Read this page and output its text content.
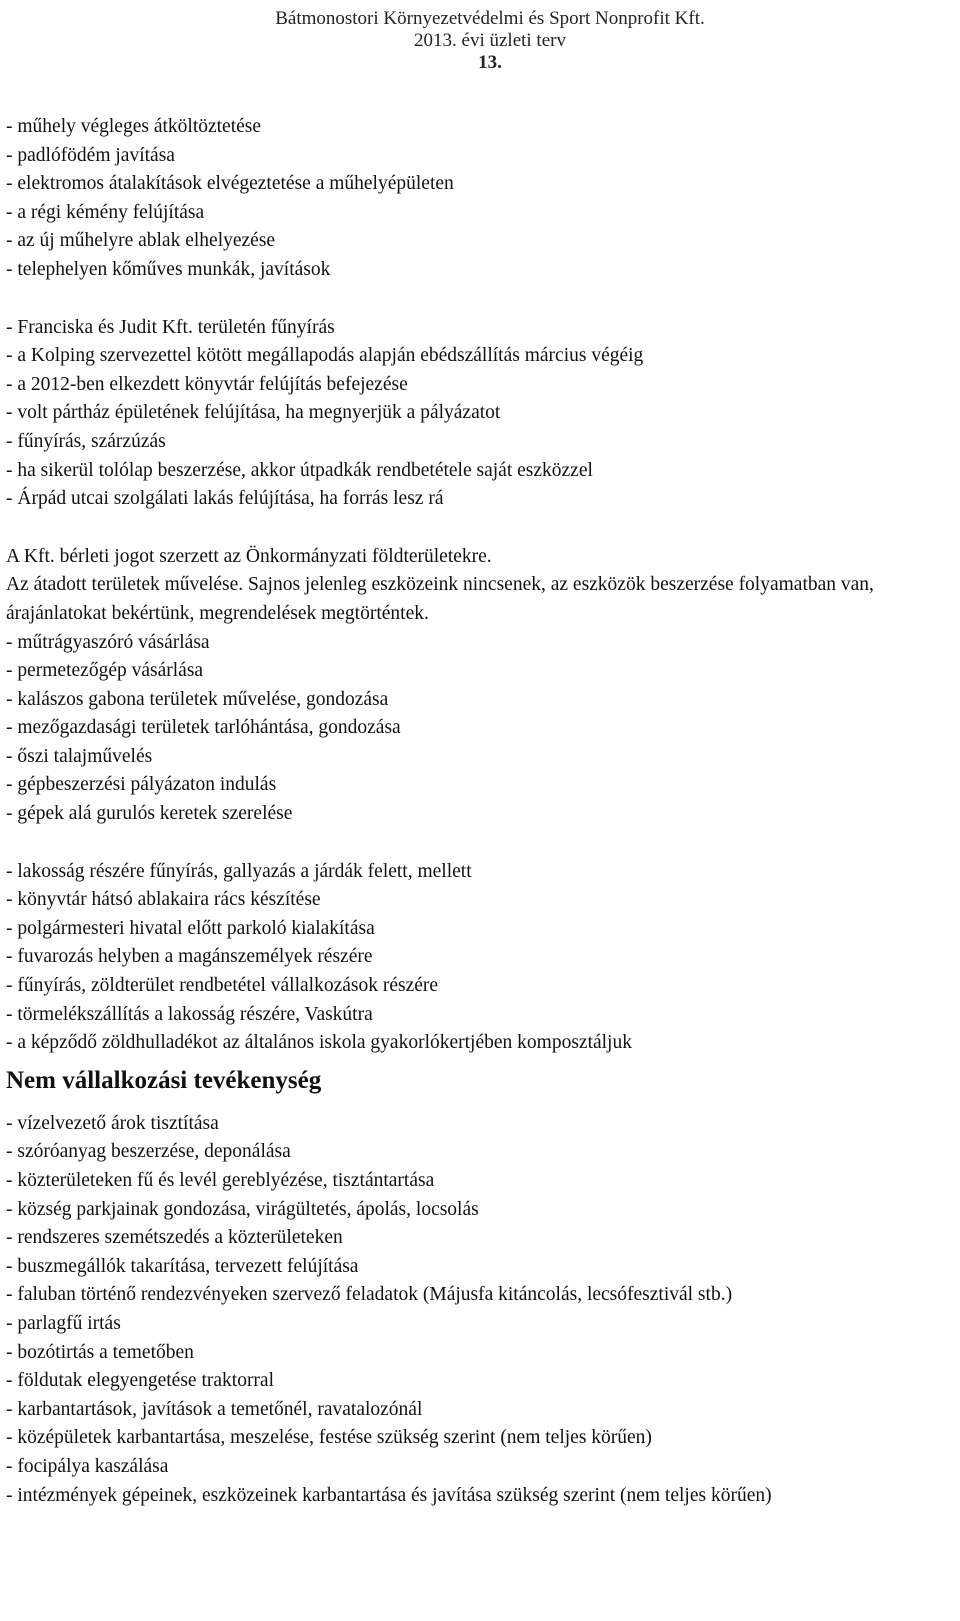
Bátmonostori Környezetvédelmi és Sport Nonprofit Kft.
2013. évi üzleti terv
13.
- műhely végleges átköltöztetése
- padlófödém javítása
- elektromos átalakítások elvégeztetése a műhelyépületen
- a régi kémény felújítása
- az új műhelyre ablak elhelyezése
- telephelyen kőműves munkák, javítások
- Franciska és Judit Kft. területén fűnyírás
- a Kolping szervezettel kötött megállapodás alapján ebédszállítás március végéig
- a 2012-ben elkezdett könyvtár felújítás befejezése
- volt pártház épületének felújítása, ha megnyerjük a pályázatot
- fűnyírás, szárzúzás
- ha sikerül tolólap beszerzése, akkor útpadkák rendbetétele saját eszközzel
- Árpád utcai szolgálati lakás felújítása, ha forrás lesz rá
A Kft. bérleti jogot szerzett az Önkormányzati földterületekre.
Az átadott területek művelése. Sajnos jelenleg eszközeink nincsenek, az eszközök beszerzése folyamatban van, árajánlatokat bekértünk, megrendelések megtörténtek.
- műtrágyaszóró vásárlása
- permetezőgép vásárlása
- kalászos gabona területek művelése, gondozása
- mezőgazdasági területek tarlóhántása, gondozása
- őszi talajművelés
- gépbeszerzési pályázaton indulás
- gépek alá gurulós keretek szerelése
- lakosság részére fűnyírás, gallyazás a járdák felett, mellett
- könyvtár hátsó ablakaira rács készítése
- polgármesteri hivatal előtt parkoló kialakítása
- fuvarozás helyben a magánszemélyek részére
- fűnyírás, zöldterület rendbetétel vállalkozások részére
- törmelékszállítás a lakosság részére, Vaskútra
- a képződő zöldhulladékot az általános iskola gyakorlókertjében komposztáljuk
Nem vállalkozási tevékenység
- vízelvezető árok tisztítása
- szóróanyag beszerzése, deponálása
- közterületeken fű és levél gereblyézése, tisztántartása
- község parkjainak gondozása, virágültetés, ápolás, locsolás
- rendszeres szemétszedés a közterületeken
- buszmegállók takarítása, tervezett felújítása
- faluban történő rendezvényeken szervező feladatok (Májusfa kitáncolás, lecsófesztivál stb.)
- parlagfű irtás
- bozótirtás a temetőben
- földutak elegyengetése traktorral
- karbantartások, javítások a temetőnél, ravatalozónál
- középületek karbantartása, meszelése, festése szükség szerint (nem teljes körűen)
- focipálya kaszálása
- intézmények gépeinek, eszközeinek karbantartása és javítása szükség szerint (nem teljes körűen)
